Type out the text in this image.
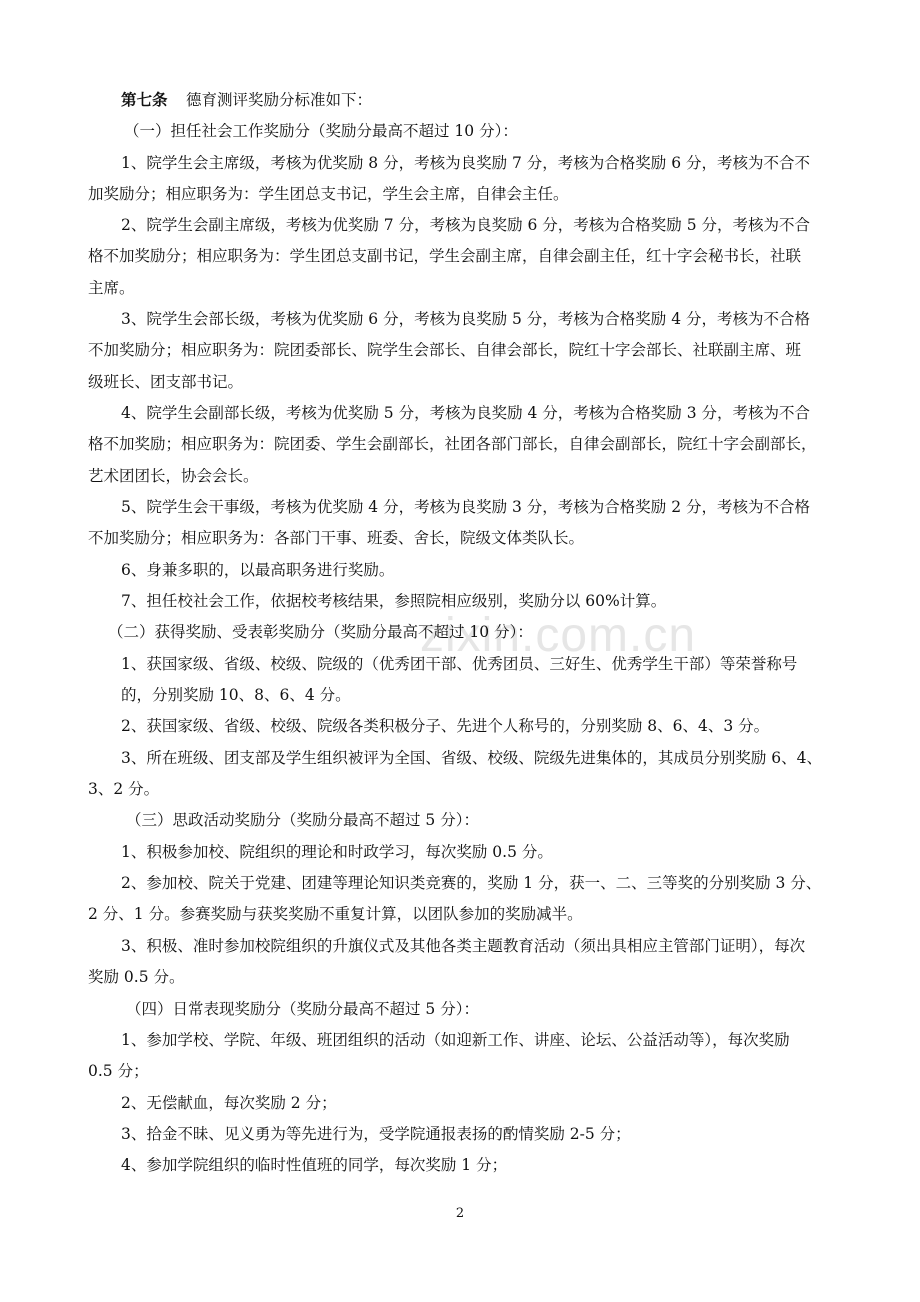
zixin.com.cn
第七条 德育测评奖励分标准如下：
（一）担任社会工作奖励分（奖励分最高不超过 10 分）：
1、院学生会主席级，考核为优奖励 8 分，考核为良奖励 7 分，考核为合格奖励 6 分，考核为不合不
加奖励分；相应职务为：学生团总支书记，学生会主席，自律会主任。
2、院学生会副主席级，考核为优奖励 7 分，考核为良奖励 6 分，考核为合格奖励 5 分，考核为不合
格不加奖励分；相应职务为：学生团总支副书记，学生会副主席，自律会副主任，红十字会秘书长，社联
主席。
3、院学生会部长级，考核为优奖励 6 分，考核为良奖励 5 分，考核为合格奖励 4 分，考核为不合格
不加奖励分；相应职务为：院团委部长、院学生会部长、自律会部长，院红十字会部长、社联副主席、班
级班长、团支部书记。
4、院学生会副部长级，考核为优奖励 5 分，考核为良奖励 4 分，考核为合格奖励 3 分，考核为不合
格不加奖励；相应职务为：院团委、学生会副部长，社团各部门部长，自律会副部长，院红十字会副部长，
艺术团团长，协会会长。
5、院学生会干事级，考核为优奖励 4 分，考核为良奖励 3 分，考核为合格奖励 2 分，考核为不合格
不加奖励分；相应职务为：各部门干事、班委、舍长，院级文体类队长。
6、身兼多职的，以最高职务进行奖励。
7、担任校社会工作，依据校考核结果，参照院相应级别，奖励分以 60%计算。
（二）获得奖励、受表彰奖励分（奖励分最高不超过 10 分）：
1、获国家级、省级、校级、院级的（优秀团干部、优秀团员、三好生、优秀学生干部）等荣誉称号
的，分别奖励 10、8、6、4 分。
2、获国家级、省级、校级、院级各类积极分子、先进个人称号的，分别奖励 8、6、4、3 分。
3、所在班级、团支部及学生组织被评为全国、省级、校级、院级先进集体的，其成员分别奖励 6、4、
3、2 分。
（三）思政活动奖励分（奖励分最高不超过 5 分）：
1、积极参加校、院组织的理论和时政学习，每次奖励 0.5 分。
2、参加校、院关于党建、团建等理论知识类竞赛的，奖励 1 分，获一、二、三等奖的分别奖励 3 分、
2 分、1 分。参赛奖励与获奖奖励不重复计算，以团队参加的奖励减半。
3、积极、准时参加校院组织的升旗仪式及其他各类主题教育活动（须出具相应主管部门证明），每次
奖励 0.5 分。
（四）日常表现奖励分（奖励分最高不超过 5 分）：
1、参加学校、学院、年级、班团组织的活动（如迎新工作、讲座、论坛、公益活动等），每次奖励
0.5 分；
2、无偿献血，每次奖励 2 分；
3、拾金不昧、见义勇为等先进行为，受学院通报表扬的酌情奖励 2-5 分；
4、参加学院组织的临时性值班的同学，每次奖励 1 分；
2
